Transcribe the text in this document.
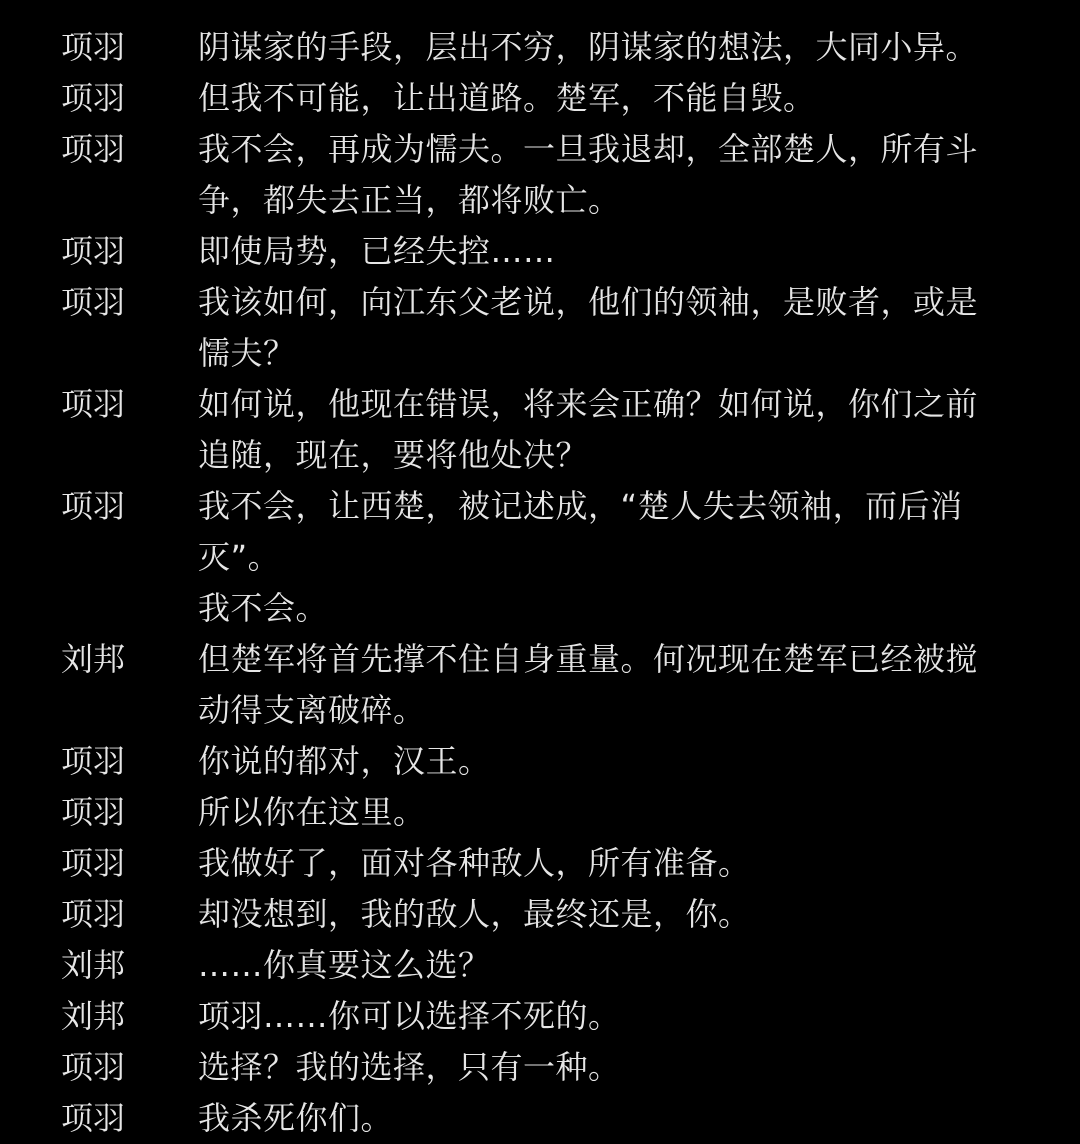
项羽	阴谋家的手段，层出不穷，阴谋家的想法，大同小异。
项羽	但我不可能，让出道路。楚军，不能自毁。
项羽	我不会，再成为懦夫。一旦我退却，全部楚人，所有斗
争，都失去正当，都将败亡。
项羽	即使局势，已经失控……
项羽	我该如何，向江东父老说，他们的领袖，是败者，或是
懦夫？
项羽	如何说，他现在错误，将来会正确？如何说，你们之前
追随，现在，要将他处决？
项羽	我不会，让西楚，被记述成，“楚人失去领袖，而后消灭”。
我不会。
刘邦	但楚军将首先撑不住自身重量。何况现在楚军已经被搅
动得支离破碎。
项羽	你说的都对，汉王。
项羽	所以你在这里。
项羽	我做好了，面对各种敌人，所有准备。
项羽	却没想到，我的敌人，最终还是，你。
刘邦	……你真要这么选？
刘邦	项羽……你可以选择不死的。
项羽	选择？我的选择，只有一种。
项羽	我杀死你们。
